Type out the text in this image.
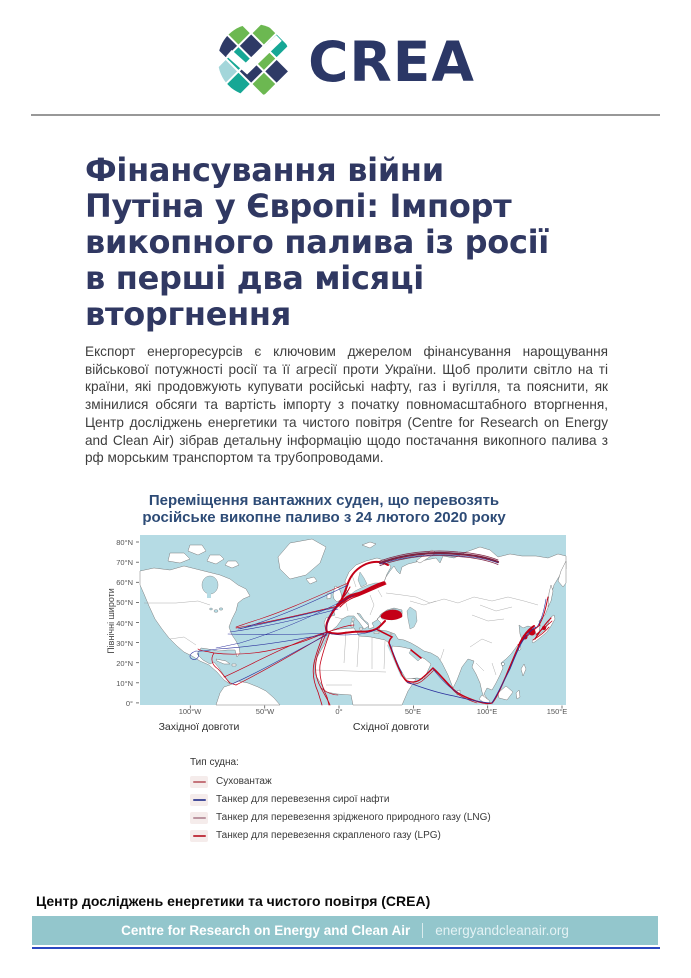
CREA
Фінансування війни
Путіна у Європі: Імпорт
викопного палива із росії
в перші два місяці
вторгнення

Експорт енергоресурсів є ключовим джерелом фінансування нарощування військової потужності росії та її агресії проти України. Щоб пролити світло на ті країни, які продовжують купувати російські нафту, газ і вугілля, та пояснити, як змінилися обсяги та вартість імпорту з початку повномасштабного вторгнення, Центр досліджень енергетики та чистого повітря (Centre for Research on Energy and Clean Air) зібрав детальну інформацію щодо постачання викопного палива з рф морським транспортом та трубопроводами.

Переміщення вантажних суден, що перевозять
російське викопне паливо з 24 лютого 2020 року
Північні широти
80°N
70°N
60°N
50°N
40°N
30°N
20°N
10°N
0°
100°W	50°W	0°	50°E	100°E	150°E
Західної довготи	Східної довготи
Тип судна:
Суховантаж
Танкер для перевезення сирої нафти
Танкер для перевезення зрідженого природного газу (LNG)
Танкер для перевезення скрапленого газу (LPG)
Центр досліджень енергетики та чистого повітря (CREA)
Centre for Research on Energy and Clean Air energyandcleanair.org
